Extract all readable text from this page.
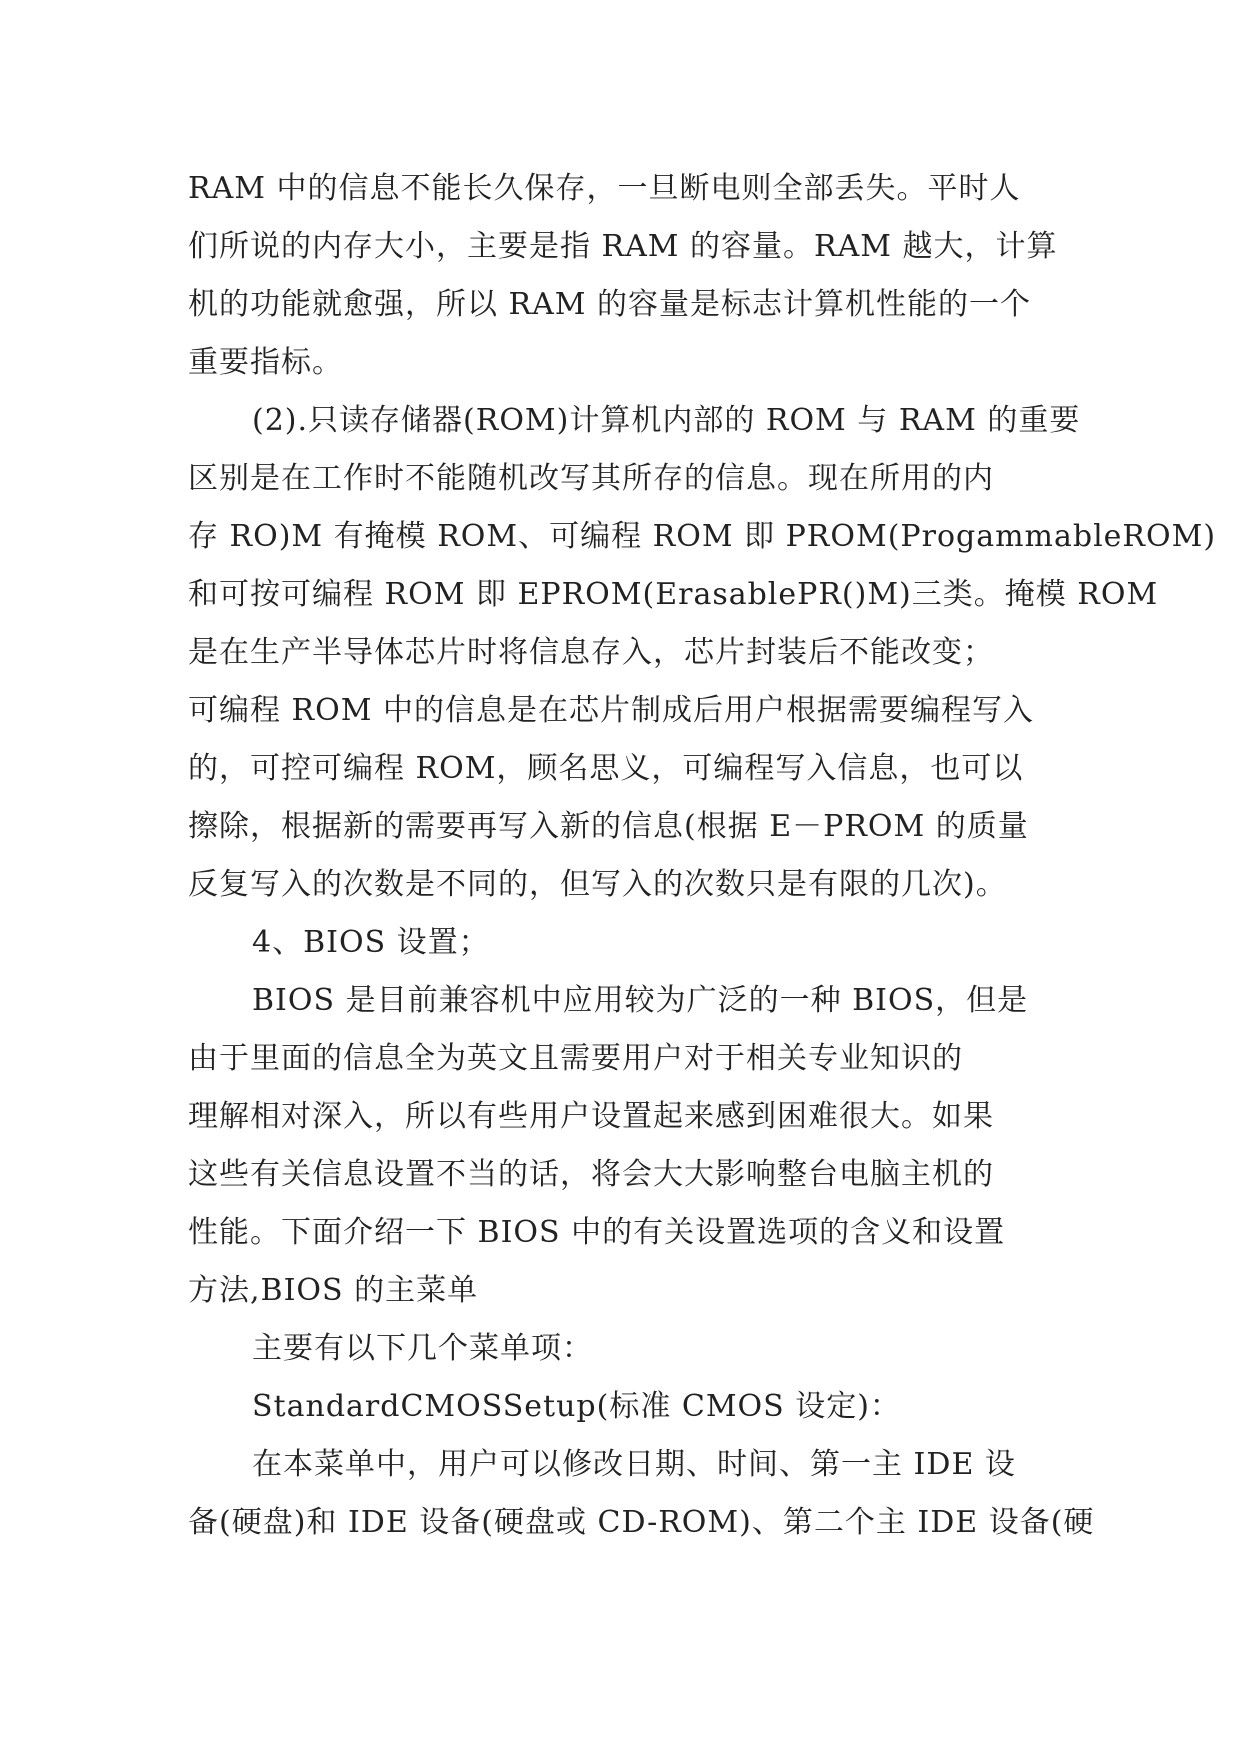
RAM 中的信息不能长久保存，一旦断电则全部丢失。平时人
们所说的内存大小，主要是指 RAM 的容量。RAM 越大，计算
机的功能就愈强，所以 RAM 的容量是标志计算机性能的一个
重要指标。
(2).只读存储器(ROM)计算机内部的 ROM 与 RAM 的重要
区别是在工作时不能随机改写其所存的信息。现在所用的内
存 RO)M 有掩模 ROM、可编程 ROM 即 PROM(ProgammableROM)
和可按可编程 ROM 即 EPROM(ErasablePR()M)三类。掩模 ROM
是在生产半导体芯片时将信息存入，芯片封装后不能改变；
可编程 ROM 中的信息是在芯片制成后用户根据需要编程写入
的，可控可编程 ROM，顾名思义，可编程写入信息，也可以
擦除，根据新的需要再写入新的信息(根据 E－PROM 的质量
反复写入的次数是不同的，但写入的次数只是有限的几次)。
4、BIOS 设置；
BIOS 是目前兼容机中应用较为广泛的一种 BIOS，但是
由于里面的信息全为英文且需要用户对于相关专业知识的
理解相对深入，所以有些用户设置起来感到困难很大。如果
这些有关信息设置不当的话，将会大大影响整台电脑主机的
性能。下面介绍一下 BIOS 中的有关设置选项的含义和设置
方法,BIOS 的主菜单
主要有以下几个菜单项：
StandardCMOSSetup(标准 CMOS 设定)：
在本菜单中，用户可以修改日期、时间、第一主 IDE 设
备(硬盘)和 IDE 设备(硬盘或 CD-ROM)、第二个主 IDE 设备(硬
